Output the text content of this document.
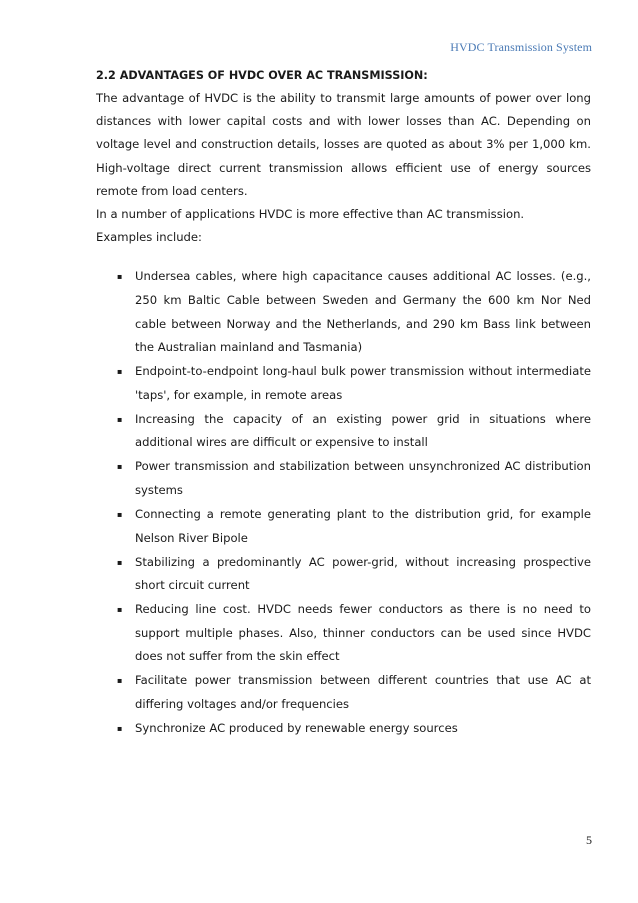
HVDC Transmission System

2.2 ADVANTAGES OF HVDC OVER AC TRANSMISSION:

The advantage of HVDC is the ability to transmit large amounts of power over long distances with lower capital costs and with lower losses than AC. Depending on voltage level and construction details, losses are quoted as about 3% per 1,000 km. High-voltage direct current transmission allows efficient use of energy sources remote from load centers.

In a number of applications HVDC is more effective than AC transmission.

Examples include:

▪ Undersea cables, where high capacitance causes additional AC losses. (e.g., 250 km Baltic Cable between Sweden and Germany the 600 km Nor Ned cable between Norway and the Netherlands, and 290 km Bass link between the Australian mainland and Tasmania)
▪ Endpoint-to-endpoint long-haul bulk power transmission without intermediate 'taps', for example, in remote areas
▪ Increasing the capacity of an existing power grid in situations where additional wires are difficult or expensive to install
▪ Power transmission and stabilization between unsynchronized AC distribution systems
▪ Connecting a remote generating plant to the distribution grid, for example Nelson River Bipole
▪ Stabilizing a predominantly AC power-grid, without increasing prospective short circuit current
▪ Reducing line cost. HVDC needs fewer conductors as there is no need to support multiple phases. Also, thinner conductors can be used since HVDC does not suffer from the skin effect
▪ Facilitate power transmission between different countries that use AC at differing voltages and/or frequencies
▪ Synchronize AC produced by renewable energy sources
5
